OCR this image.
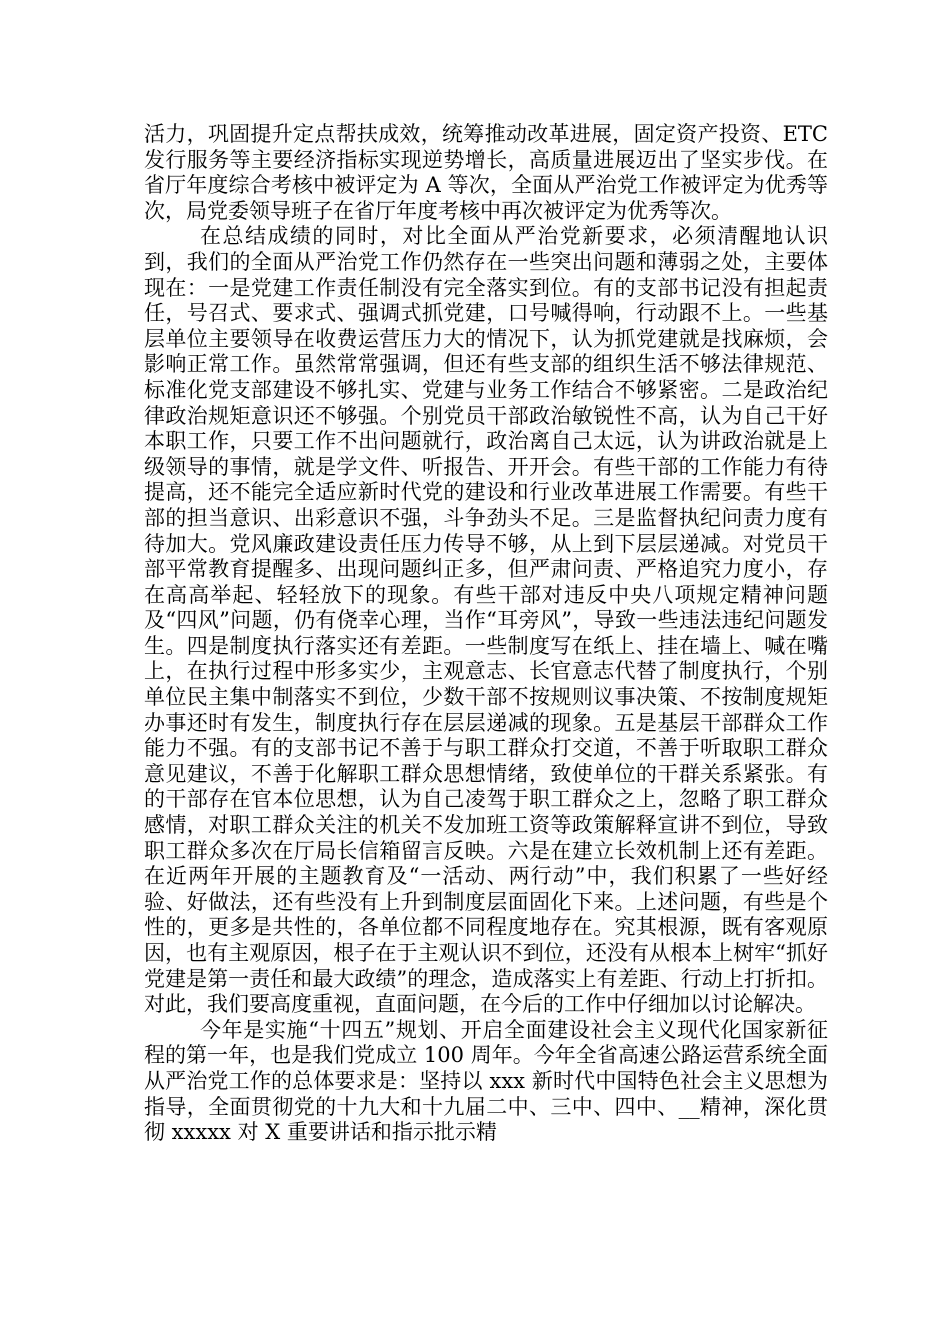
活力，巩固提升定点帮扶成效，统筹推动改革进展，固定资产投资、ETC 发行服务等主要经济指标实现逆势增长，高质量进展迈出了坚实步伐。在省厅年度综合考核中被评定为 A 等次，全面从严治党工作被评定为优秀等次，局党委领导班子在省厅年度考核中再次被评定为优秀等次。

在总结成绩的同时，对比全面从严治党新要求，必须清醒地认识到，我们的全面从严治党工作仍然存在一些突出问题和薄弱之处，主要体现在：一是党建工作责任制没有完全落实到位。有的支部书记没有担起责任，号召式、要求式、强调式抓党建，口号喊得响，行动跟不上。一些基层单位主要领导在收费运营压力大的情况下，认为抓党建就是找麻烦，会影响正常工作。虽然常常强调，但还有些支部的组织生活不够法律规范、标准化党支部建设不够扎实、党建与业务工作结合不够紧密。二是政治纪律政治规矩意识还不够强。个别党员干部政治敏锐性不高，认为自己干好本职工作，只要工作不出问题就行，政治离自己太远，认为讲政治就是上级领导的事情，就是学文件、听报告、开开会。有些干部的工作能力有待提高，还不能完全适应新时代党的建设和行业改革进展工作需要。有些干部的担当意识、出彩意识不强，斗争劲头不足。三是监督执纪问责力度有待加大。党风廉政建设责任压力传导不够，从上到下层层递减。对党员干部平常教育提醒多、出现问题纠正多，但严肃问责、严格追究力度小，存在高高举起、轻轻放下的现象。有些干部对违反中央八项规定精神问题及“四风”问题，仍有侥幸心理，当作“耳旁风”，导致一些违法违纪问题发生。四是制度执行落实还有差距。一些制度写在纸上、挂在墙上、喊在嘴上，在执行过程中形多实少，主观意志、长官意志代替了制度执行，个别单位民主集中制落实不到位，少数干部不按规则议事决策、不按制度规矩办事还时有发生，制度执行存在层层递减的现象。五是基层干部群众工作能力不强。有的支部书记不善于与职工群众打交道，不善于听取职工群众意见建议，不善于化解职工群众思想情绪，致使单位的干群关系紧张。有的干部存在官本位思想，认为自己凌驾于职工群众之上，忽略了职工群众感情，对职工群众关注的机关不发加班工资等政策解释宣讲不到位，导致职工群众多次在厅局长信箱留言反映。六是在建立长效机制上还有差距。在近两年开展的主题教育及“一活动、两行动”中，我们积累了一些好经验、好做法，还有些没有上升到制度层面固化下来。上述问题，有些是个性的，更多是共性的，各单位都不同程度地存在。究其根源，既有客观原因，也有主观原因，根子在于主观认识不到位，还没有从根本上树牢“抓好党建是第一责任和最大政绩”的理念，造成落实上有差距、行动上打折扣。对此，我们要高度重视，直面问题，在今后的工作中仔细加以讨论解决。

今年是实施“十四五”规划、开启全面建设社会主义现代化国家新征程的第一年，也是我们党成立 100 周年。今年全省高速公路运营系统全面从严治党工作的总体要求是：坚持以 xxx 新时代中国特色社会主义思想为指导，全面贯彻党的十九大和十九届二中、三中、四中、__精神，深化贯彻 xxxxx 对 X 重要讲话和指示批示精
